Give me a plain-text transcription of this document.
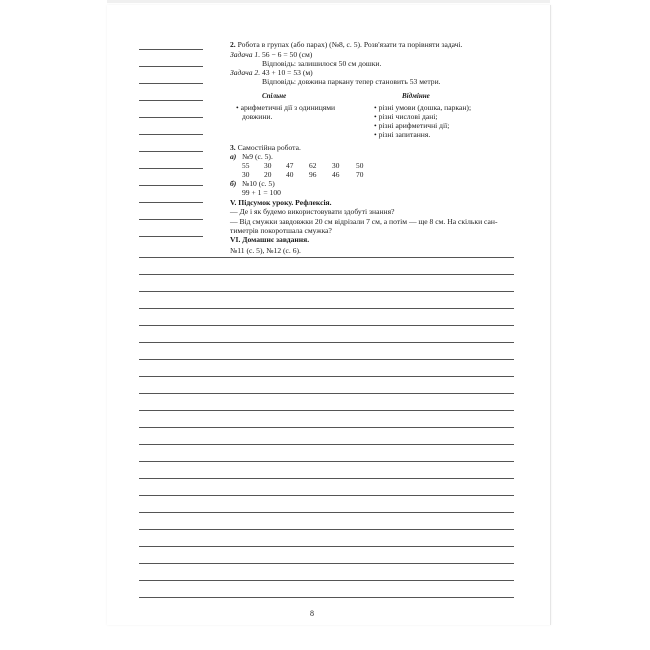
2. Робота в групах (або парах) (№8, с. 5). Розв'язати та порівняти задачі.
Задача 1. 56 − 6 = 50 (см)
Відповідь: залишилося 50 см дошки.
Задача 2. 43 + 10 = 53 (м)
Відповідь: довжина паркану тепер становить 53 метри.
Спільне	Відмінне
• арифметичні дії з одиницями
довжини.
• різні умови (дошка, паркан);
• різні числові дані;
• різні арифметичні дії;
• різні запитання.
3. Самостійна робота.
а) №9 (с. 5).
55 30 47 62 30 50
30 20 40 96 46 70
б) №10 (с. 5)
99 + 1 = 100
V. Підсумок уроку. Рефлексія.
— Де і як будемо використовувати здобуті знання?
— Від смужки завдовжки 20 см відрізали 7 см, а потім — ще 8 см. На скільки сан-
тиметрів покоротшала смужка?
VI. Домашнє завдання.
№11 (с. 5), №12 (с. 6).
8
